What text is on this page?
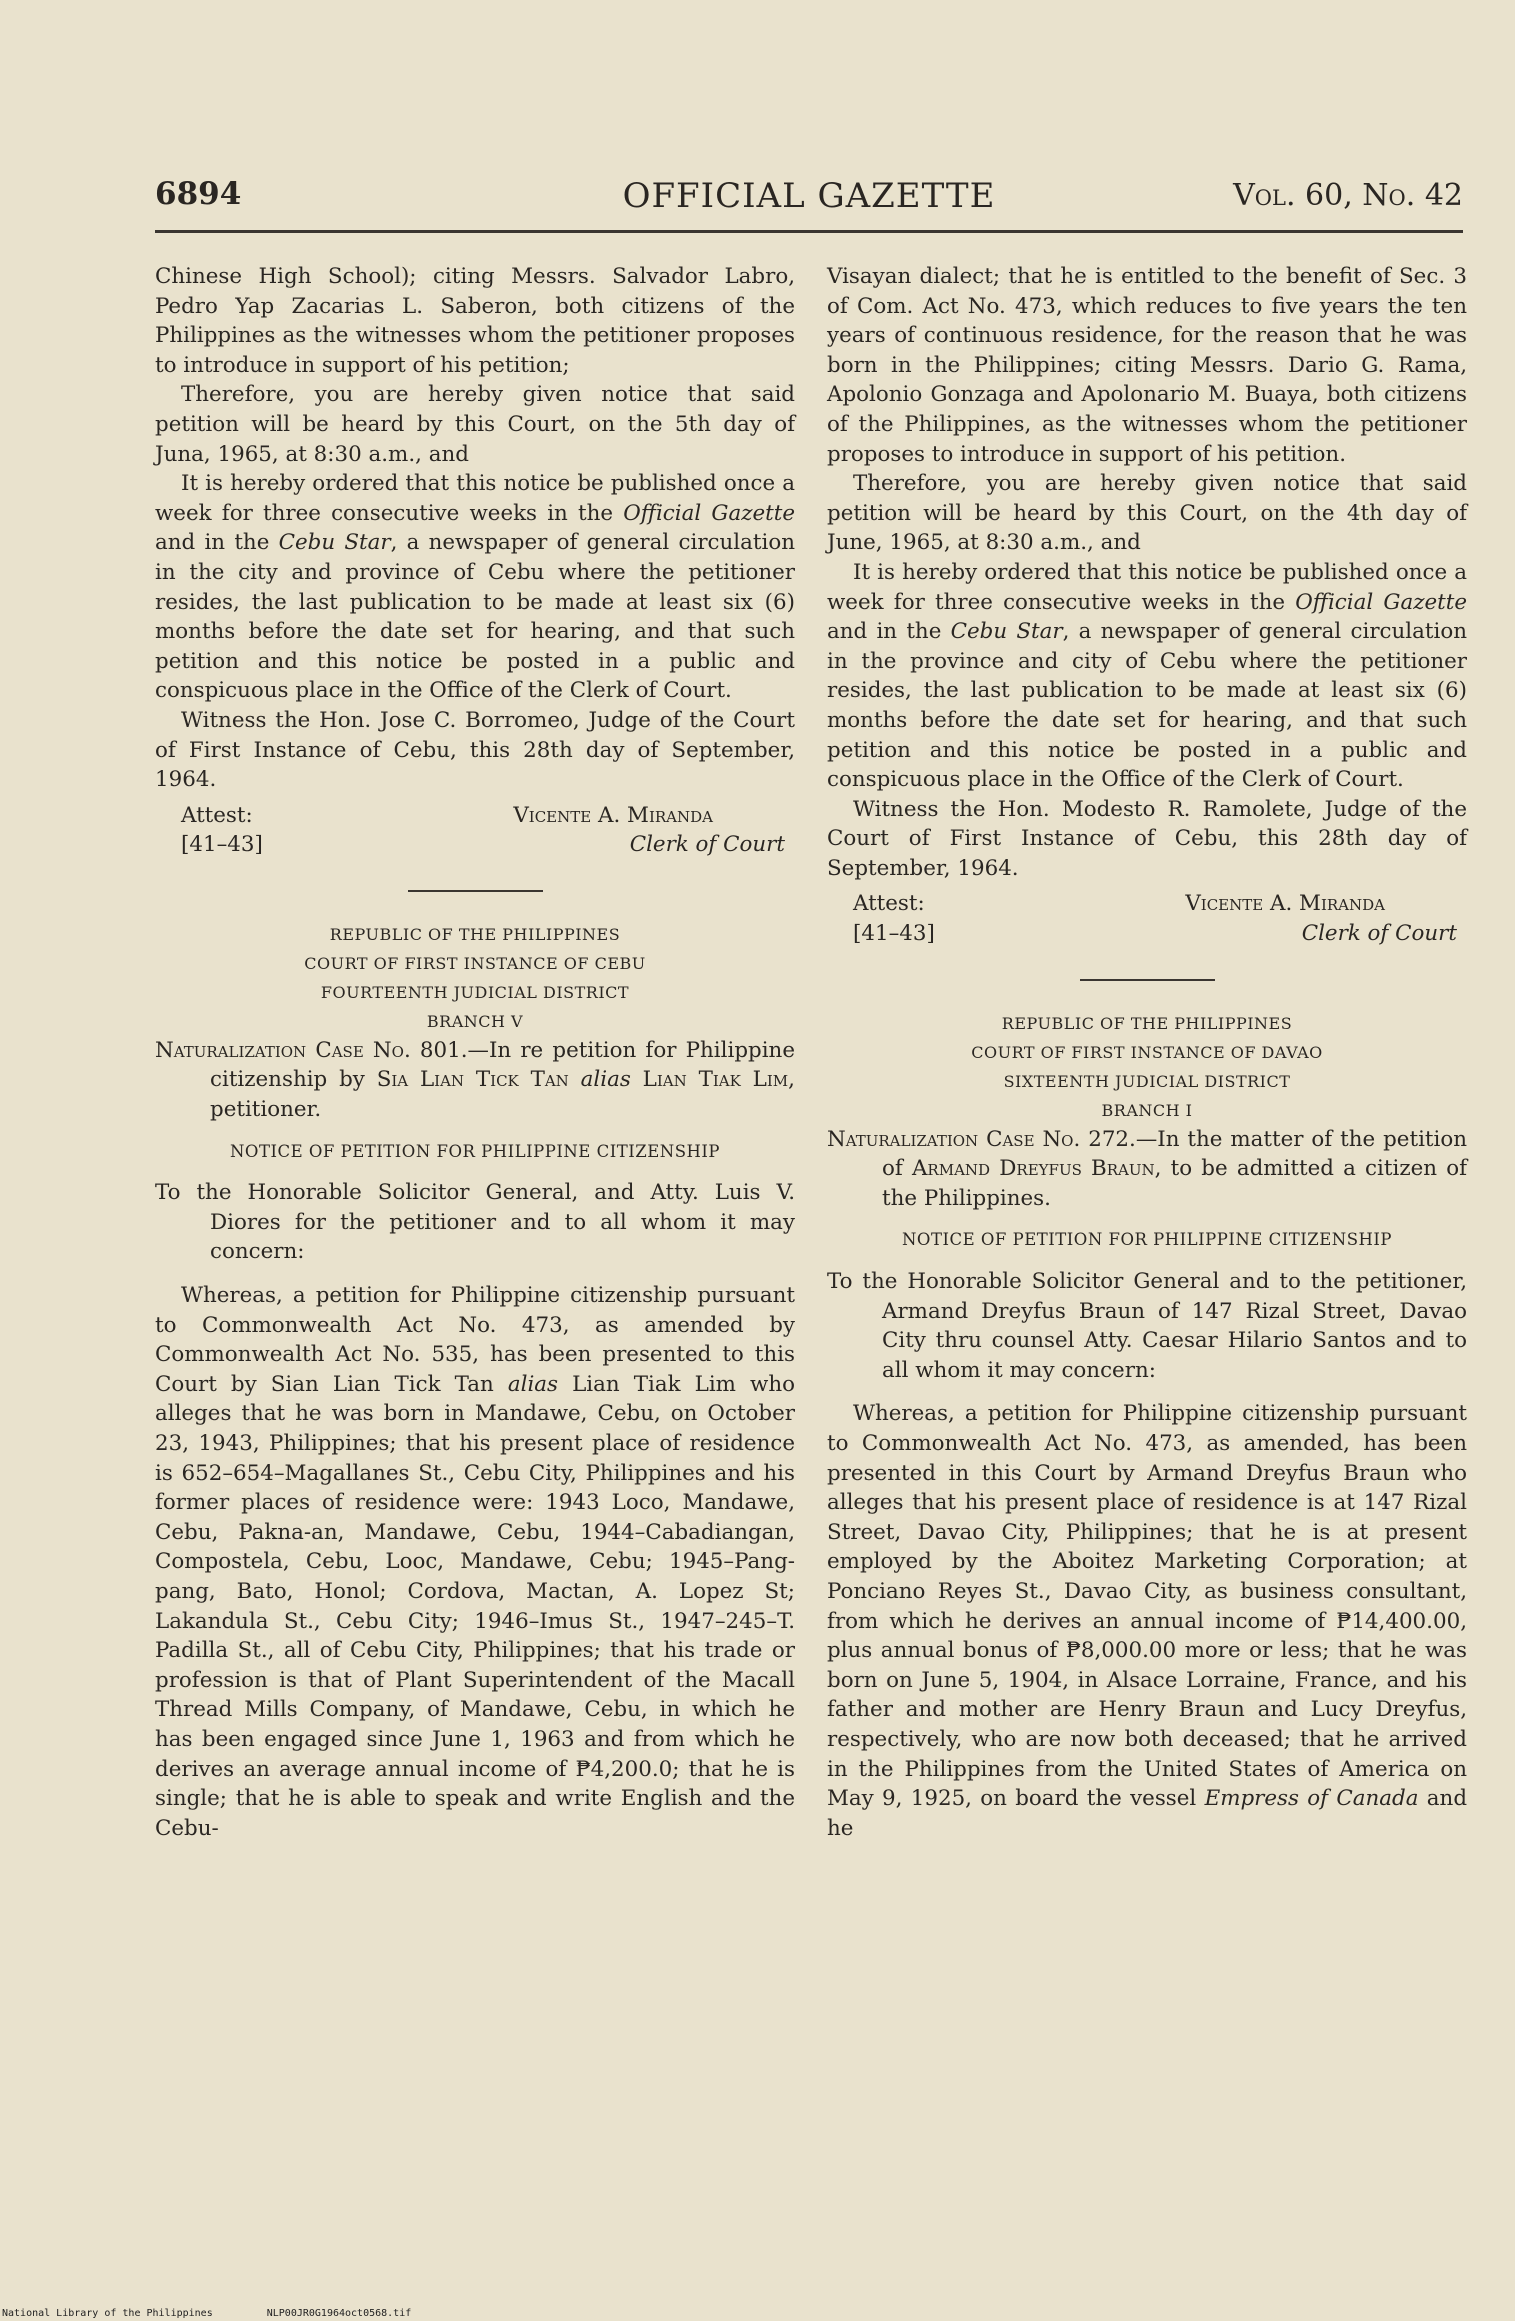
6894	OFFICIAL GAZETTE	Vol. 60, No. 42

Chinese High School); citing Messrs. Salvador Labro, Pedro Yap Zacarias L. Saberon, both citizens of the Philippines as the witnesses whom the petitioner proposes to introduce in support of his petition;

Therefore, you are hereby given notice that said petition will be heard by this Court, on the 5th day of Juna, 1965, at 8:30 a.m., and

It is hereby ordered that this notice be published once a week for three consecutive weeks in the Official Gazette and in the Cebu Star, a newspaper of general circulation in the city and province of Cebu where the petitioner resides, the last publication to be made at least six (6) months before the date set for hearing, and that such petition and this notice be posted in a public and conspicuous place in the Office of the Clerk of Court.

Witness the Hon. Jose C. Borromeo, Judge of the Court of First Instance of Cebu, this 28th day of September, 1964.

Attest:
[41–43]
Vicente A. Miranda
Clerk of Court
REPUBLIC OF THE PHILIPPINES
COURT OF FIRST INSTANCE OF CEBU
FOURTEENTH JUDICIAL DISTRICT
BRANCH V

Naturalization Case No. 801.—In re petition for Philippine citizenship by Sia Lian Tick Tan alias Lian Tiak Lim, petitioner.

NOTICE OF PETITION FOR PHILIPPINE CITIZENSHIP

To the Honorable Solicitor General, and Atty. Luis V. Diores for the petitioner and to all whom it may concern:

Whereas, a petition for Philippine citizenship pursuant to Commonwealth Act No. 473, as amended by Commonwealth Act No. 535, has been presented to this Court by Sian Lian Tick Tan alias Lian Tiak Lim who alleges that he was born in Mandawe, Cebu, on October 23, 1943, Philippines; that his present place of residence is 652–654–Magallanes St., Cebu City, Philippines and his former places of residence were: 1943 Loco, Mandawe, Cebu, Pakna-an, Mandawe, Cebu, 1944–Cabadiangan, Compostela, Cebu, Looc, Mandawe, Cebu; 1945–Pang-pang, Bato, Honol; Cordova, Mactan, A. Lopez St; Lakandula St., Cebu City; 1946–Imus St., 1947–245–T. Padilla St., all of Cebu City, Philippines; that his trade or profession is that of Plant Superintendent of the Macall Thread Mills Company, of Mandawe, Cebu, in which he has been engaged since June 1, 1963 and from which he derives an average annual income of ₱4,200.0; that he is single; that he is able to speak and write English and the Cebu-

Visayan dialect; that he is entitled to the benefit of Sec. 3 of Com. Act No. 473, which reduces to five years the ten years of continuous residence, for the reason that he was born in the Philippines; citing Messrs. Dario G. Rama, Apolonio Gonzaga and Apolonario M. Buaya, both citizens of the Philippines, as the witnesses whom the petitioner proposes to introduce in support of his petition.

Therefore, you are hereby given notice that said petition will be heard by this Court, on the 4th day of June, 1965, at 8:30 a.m., and

It is hereby ordered that this notice be published once a week for three consecutive weeks in the Official Gazette and in the Cebu Star, a newspaper of general circulation in the province and city of Cebu where the petitioner resides, the last publication to be made at least six (6) months before the date set for hearing, and that such petition and this notice be posted in a public and conspicuous place in the Office of the Clerk of Court.

Witness the Hon. Modesto R. Ramolete, Judge of the Court of First Instance of Cebu, this 28th day of September, 1964.

Attest:
[41–43]
Vicente A. Miranda
Clerk of Court
REPUBLIC OF THE PHILIPPINES
COURT OF FIRST INSTANCE OF DAVAO
SIXTEENTH JUDICIAL DISTRICT
BRANCH I

Naturalization Case No. 272.—In the matter of the petition of Armand Dreyfus Braun, to be admitted a citizen of the Philippines.

NOTICE OF PETITION FOR PHILIPPINE CITIZENSHIP

To the Honorable Solicitor General and to the petitioner, Armand Dreyfus Braun of 147 Rizal Street, Davao City thru counsel Atty. Caesar Hilario Santos and to all whom it may concern:

Whereas, a petition for Philippine citizenship pursuant to Commonwealth Act No. 473, as amended, has been presented in this Court by Armand Dreyfus Braun who alleges that his present place of residence is at 147 Rizal Street, Davao City, Philippines; that he is at present employed by the Aboitez Marketing Corporation; at Ponciano Reyes St., Davao City, as business consultant, from which he derives an annual income of ₱14,400.00, plus annual bonus of ₱8,000.00 more or less; that he was born on June 5, 1904, in Alsace Lorraine, France, and his father and mother are Henry Braun and Lucy Dreyfus, respectively, who are now both deceased; that he arrived in the Philippines from the United States of America on May 9, 1925, on board the vessel Empress of Canada and he

National Library of the Philippines	NLP00JR0G1964oct0568.tif
